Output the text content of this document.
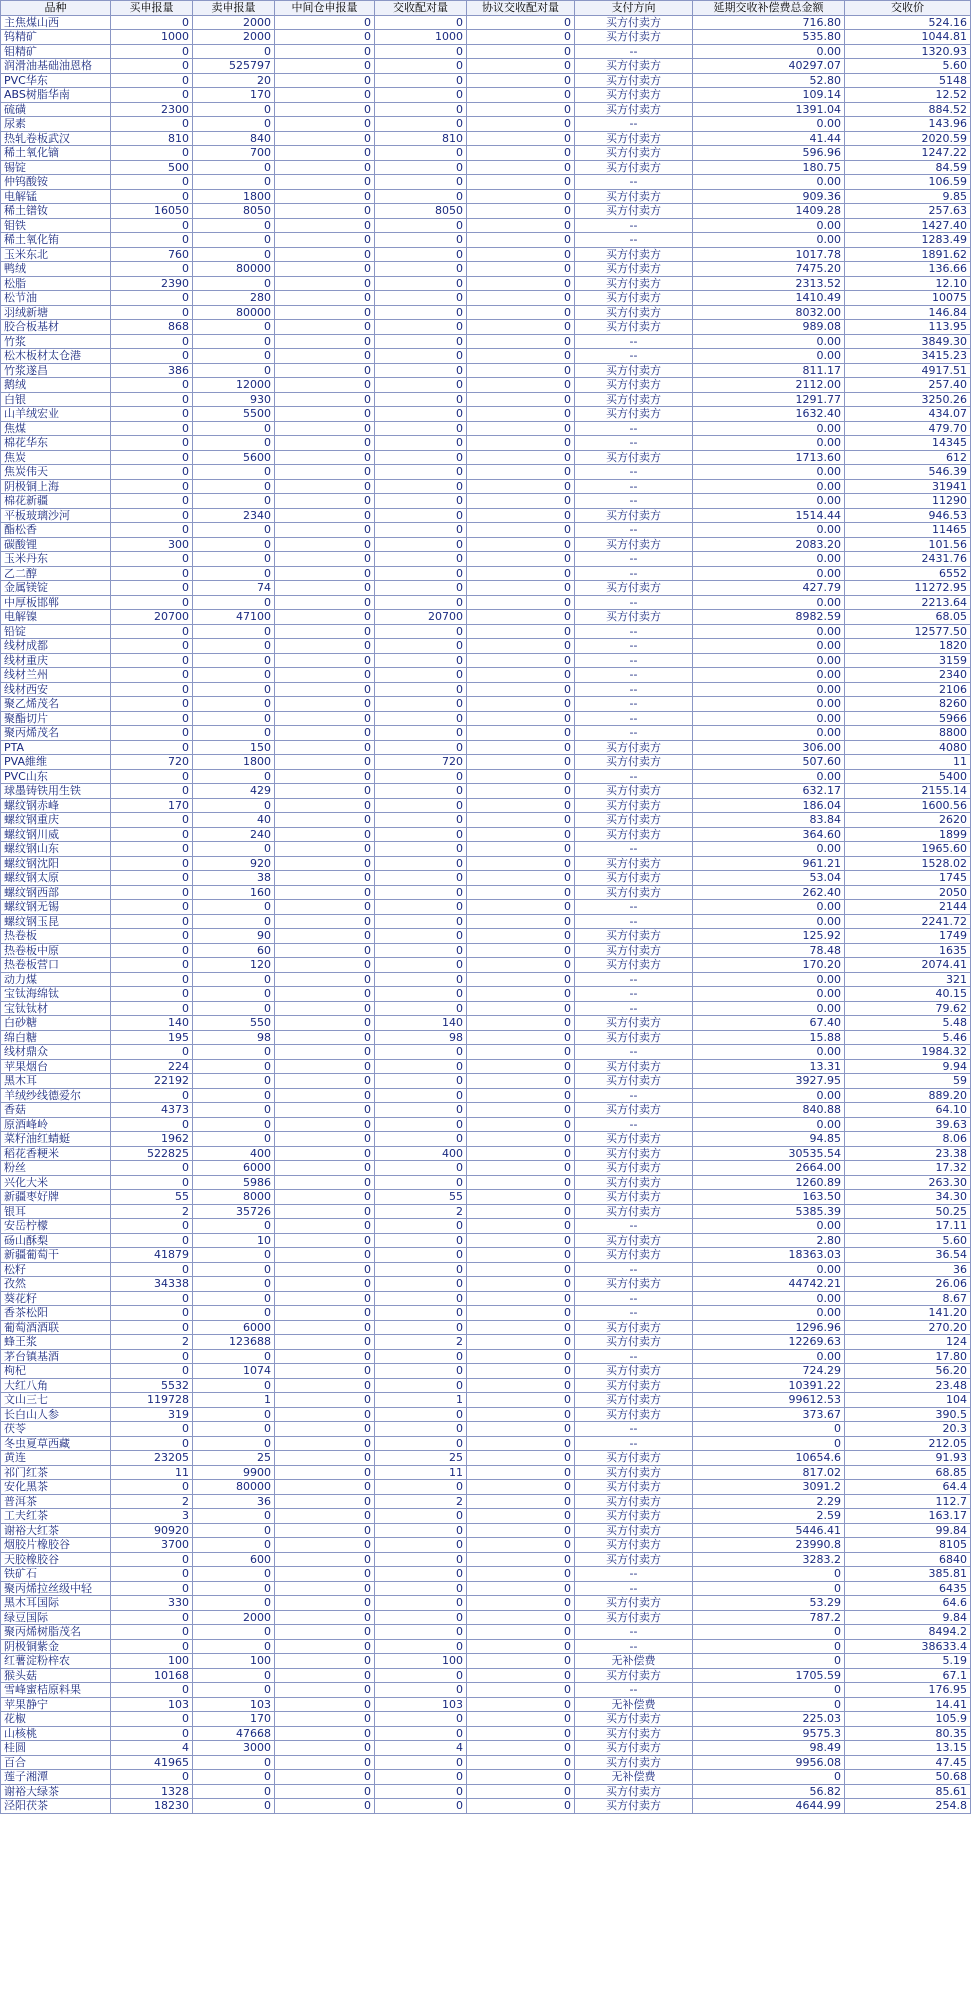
品种	买申报量	卖申报量	中间仓申报量	交收配对量	协议交收配对量	支付方向	延期交收补偿费总金额	交收价
主焦煤山西	0	2000	0	0	0	买方付卖方	716.80	524.16
钨精矿	1000	2000	0	1000	0	买方付卖方	535.80	1044.81
钼精矿	0	0	0	0	0	--	0.00	1320.93
润滑油基础油恩格	0	525797	0	0	0	买方付卖方	40297.07	5.60
PVC华东	0	20	0	0	0	买方付卖方	52.80	5148
ABS树脂华南	0	170	0	0	0	买方付卖方	109.14	12.52
硫磺	2300	0	0	0	0	买方付卖方	1391.04	884.52
尿素	0	0	0	0	0	--	0.00	143.96
热轧卷板武汉	810	840	0	810	0	买方付卖方	41.44	2020.59
稀土氧化镝	0	700	0	0	0	买方付卖方	596.96	1247.22
锡锭	500	0	0	0	0	买方付卖方	180.75	84.59
仲钨酸铵	0	0	0	0	0	--	0.00	106.59
电解锰	0	1800	0	0	0	买方付卖方	909.36	9.85
稀土镨钕	16050	8050	0	8050	0	买方付卖方	1409.28	257.63
钼铁	0	0	0	0	0	--	0.00	1427.40
稀土氧化铕	0	0	0	0	0	--	0.00	1283.49
玉米东北	760	0	0	0	0	买方付卖方	1017.78	1891.62
鸭绒	0	80000	0	0	0	买方付卖方	7475.20	136.66
松脂	2390	0	0	0	0	买方付卖方	2313.52	12.10
松节油	0	280	0	0	0	买方付卖方	1410.49	10075
羽绒新塘	0	80000	0	0	0	买方付卖方	8032.00	146.84
胶合板基材	868	0	0	0	0	买方付卖方	989.08	113.95
竹浆	0	0	0	0	0	--	0.00	3849.30
松木板材太仓港	0	0	0	0	0	--	0.00	3415.23
竹浆遂昌	386	0	0	0	0	买方付卖方	811.17	4917.51
鹅绒	0	12000	0	0	0	买方付卖方	2112.00	257.40
白银	0	930	0	0	0	买方付卖方	1291.77	3250.26
山羊绒宏业	0	5500	0	0	0	买方付卖方	1632.40	434.07
焦煤	0	0	0	0	0	--	0.00	479.70
棉花华东	0	0	0	0	0	--	0.00	14345
焦炭	0	5600	0	0	0	买方付卖方	1713.60	612
焦炭伟天	0	0	0	0	0	--	0.00	546.39
阴极铜上海	0	0	0	0	0	--	0.00	31941
棉花新疆	0	0	0	0	0	--	0.00	11290
平板玻璃沙河	0	2340	0	0	0	买方付卖方	1514.44	946.53
酯松香	0	0	0	0	0	--	0.00	11465
碳酸锂	300	0	0	0	0	买方付卖方	2083.20	101.56
玉米丹东	0	0	0	0	0	--	0.00	2431.76
乙二醇	0	0	0	0	0	--	0.00	6552
金属镁锭	0	74	0	0	0	买方付卖方	427.79	11272.95
中厚板邯郸	0	0	0	0	0	--	0.00	2213.64
电解镍	20700	47100	0	20700	0	买方付卖方	8982.59	68.05
铅锭	0	0	0	0	0	--	0.00	12577.50
线材成都	0	0	0	0	0	--	0.00	1820
线材重庆	0	0	0	0	0	--	0.00	3159
线材兰州	0	0	0	0	0	--	0.00	2340
线材西安	0	0	0	0	0	--	0.00	2106
聚乙烯茂名	0	0	0	0	0	--	0.00	8260
聚酯切片	0	0	0	0	0	--	0.00	5966
聚丙烯茂名	0	0	0	0	0	--	0.00	8800
PTA	0	150	0	0	0	买方付卖方	306.00	4080
PVA維维	720	1800	0	720	0	买方付卖方	507.60	11
PVC山东	0	0	0	0	0	--	0.00	5400
球墨铸铁用生铁	0	429	0	0	0	买方付卖方	632.17	2155.14
螺纹钢赤峰	170	0	0	0	0	买方付卖方	186.04	1600.56
螺纹钢重庆	0	40	0	0	0	买方付卖方	83.84	2620
螺纹钢川威	0	240	0	0	0	买方付卖方	364.60	1899
螺纹钢山东	0	0	0	0	0	--	0.00	1965.60
螺纹钢沈阳	0	920	0	0	0	买方付卖方	961.21	1528.02
螺纹钢太原	0	38	0	0	0	买方付卖方	53.04	1745
螺纹钢西部	0	160	0	0	0	买方付卖方	262.40	2050
螺纹钢无锡	0	0	0	0	0	--	0.00	2144
螺纹钢玉昆	0	0	0	0	0	--	0.00	2241.72
热卷板	0	90	0	0	0	买方付卖方	125.92	1749
热卷板中原	0	60	0	0	0	买方付卖方	78.48	1635
热卷板营口	0	120	0	0	0	买方付卖方	170.20	2074.41
动力煤	0	0	0	0	0	--	0.00	321
宝钛海绵钛	0	0	0	0	0	--	0.00	40.15
宝钛钛材	0	0	0	0	0	--	0.00	79.62
白砂糖	140	550	0	140	0	买方付卖方	67.40	5.48
绵白糖	195	98	0	98	0	买方付卖方	15.88	5.46
线材鼎众	0	0	0	0	0	--	0.00	1984.32
苹果烟台	224	0	0	0	0	买方付卖方	13.31	9.94
黑木耳	22192	0	0	0	0	买方付卖方	3927.95	59
羊绒纱线德爱尔	0	0	0	0	0	--	0.00	889.20
香菇	4373	0	0	0	0	买方付卖方	840.88	64.10
原酒峰岭	0	0	0	0	0	--	0.00	39.63
菜籽油红蜻蜓	1962	0	0	0	0	买方付卖方	94.85	8.06
稻花香粳米	522825	400	0	400	0	买方付卖方	30535.54	23.38
粉丝	0	6000	0	0	0	买方付卖方	2664.00	17.32
兴化大米	0	5986	0	0	0	买方付卖方	1260.89	263.30
新疆枣好牌	55	8000	0	55	0	买方付卖方	163.50	34.30
银耳	2	35726	0	2	0	买方付卖方	5385.39	50.25
安岳柠檬	0	0	0	0	0	--	0.00	17.11
砀山酥梨	0	10	0	0	0	买方付卖方	2.80	5.60
新疆葡萄干	41879	0	0	0	0	买方付卖方	18363.03	36.54
松籽	0	0	0	0	0	--	0.00	36
孜然	34338	0	0	0	0	买方付卖方	44742.21	26.06
葵花籽	0	0	0	0	0	--	0.00	8.67
香茶松阳	0	0	0	0	0	--	0.00	141.20
葡萄酒酒联	0	6000	0	0	0	买方付卖方	1296.96	270.20
蜂王浆	2	123688	0	2	0	买方付卖方	12269.63	124
茅台镇基酒	0	0	0	0	0	--	0.00	17.80
枸杞	0	1074	0	0	0	买方付卖方	724.29	56.20
大红八角	5532	0	0	0	0	买方付卖方	10391.22	23.48
文山三七	119728	1	0	1	0	买方付卖方	99612.53	104
长白山人参	319	0	0	0	0	买方付卖方	373.67	390.5
茯苓	0	0	0	0	0	--	0	20.3
冬虫夏草西藏	0	0	0	0	0	--	0	212.05
黄连	23205	25	0	25	0	买方付卖方	10654.6	91.93
祁门红茶	11	9900	0	11	0	买方付卖方	817.02	68.85
安化黑茶	0	80000	0	0	0	买方付卖方	3091.2	64.4
普洱茶	2	36	0	2	0	买方付卖方	2.29	112.7
工夫红茶	3	0	0	0	0	买方付卖方	2.59	163.17
谢裕大红茶	90920	0	0	0	0	买方付卖方	5446.41	99.84
烟胶片橡胶谷	3700	0	0	0	0	买方付卖方	23990.8	8105
天胶橡胶谷	0	600	0	0	0	买方付卖方	3283.2	6840
铁矿石	0	0	0	0	0	--	0	385.81
聚丙烯拉丝级中轻	0	0	0	0	0	--	0	6435
黑木耳国际	330	0	0	0	0	买方付卖方	53.29	64.6
绿豆国际	0	2000	0	0	0	买方付卖方	787.2	9.84
聚丙烯树脂茂名	0	0	0	0	0	--	0	8494.2
阴极铜紫金	0	0	0	0	0	--	0	38633.4
红薯淀粉梓农	100	100	0	100	0	无补偿费	0	5.19
猴头菇	10168	0	0	0	0	买方付卖方	1705.59	67.1
雪峰蜜桔原料果	0	0	0	0	0	--	0	176.95
苹果静宁	103	103	0	103	0	无补偿费	0	14.41
花椒	0	170	0	0	0	买方付卖方	225.03	105.9
山核桃	0	47668	0	0	0	买方付卖方	9575.3	80.35
桂圆	4	3000	0	4	0	买方付卖方	98.49	13.15
百合	41965	0	0	0	0	买方付卖方	9956.08	47.45
莲子湘潭	0	0	0	0	0	无补偿费	0	50.68
谢裕大绿茶	1328	0	0	0	0	买方付卖方	56.82	85.61
泾阳茯茶	18230	0	0	0	0	买方付卖方	4644.99	254.8
